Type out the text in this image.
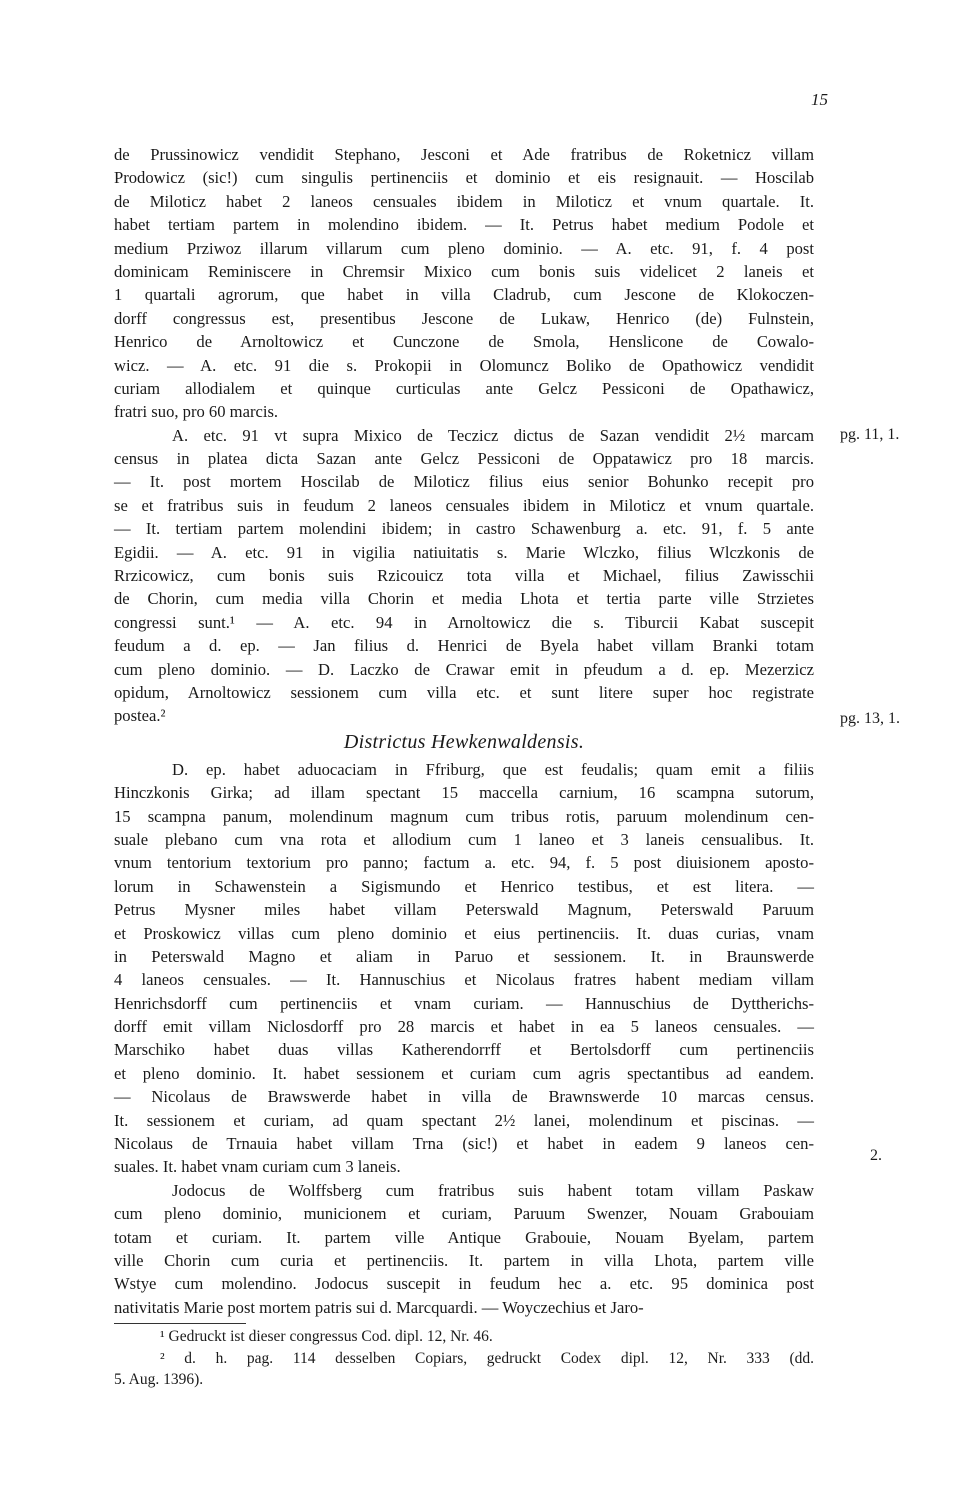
15
de Prussinowicz vendidit Stephano, Jesconi et Ade fratribus de Roketnicz villam
Prodowicz (sic!) cum singulis pertinenciis et dominio et eis resignauit. — Hoscilab
de Miloticz habet 2 laneos censuales ibidem in Miloticz et vnum quartale. It.
habet tertiam partem in molendino ibidem. — It. Petrus habet medium Podole et
medium Prziwoz illarum villarum cum pleno dominio. — A. etc. 91, f. 4 post
dominicam Reminiscere in Chremsir Mixico cum bonis suis videlicet 2 laneis et
1 quartali agrorum, que habet in villa Cladrub, cum Jescone de Klokoczen-
dorff congressus est, presentibus Jescone de Lukaw, Henrico (de) Fulnstein,
Henrico de Arnoltowicz et Cunczone de Smola, Henslicone de Cowalo-
wicz. — A. etc. 91 die s. Prokopii in Olomuncz Boliko de Opathowicz vendidit
curiam allodialem et quinque curticulas ante Gelcz Pessiconi de Opathawicz,
fratri suo, pro 60 marcis.
A. etc. 91 vt supra Mixico de Teczicz dictus de Sazan vendidit 2½ marcam
census in platea dicta Sazan ante Gelcz Pessiconi de Oppatawicz pro 18 marcis.
— It. post mortem Hoscilab de Miloticz filius eius senior Bohunko recepit pro
se et fratribus suis in feudum 2 laneos censuales ibidem in Miloticz et vnum quartale.
— It. tertiam partem molendini ibidem; in castro Schawenburg a. etc. 91, f. 5 ante
Egidii. — A. etc. 91 in vigilia natiuitatis s. Marie Wlczko, filius Wlczkonis de
Rrzicowicz, cum bonis suis Rzicouicz tota villa et Michael, filius Zawisschii
de Chorin, cum media villa Chorin et media Lhota et tertia parte ville Strzietes
congressi sunt.¹ — A. etc. 94 in Arnoltowicz die s. Tiburcii Kabat suscepit
feudum a d. ep. — Jan filius d. Henrici de Byela habet villam Branki totam
cum pleno dominio. — D. Laczko de Crawar emit in pfeudum a d. ep. Mezerzicz
opidum, Arnoltowicz sessionem cum villa etc. et sunt litere super hoc registrate
postea.²
Districtus Hewkenwaldensis.
D. ep. habet aduocaciam in Ffriburg, que est feudalis; quam emit a filiis
Hinczkonis Girka; ad illam spectant 15 maccella carnium, 16 scampna sutorum,
15 scampna panum, molendinum magnum cum tribus rotis, paruum molendinum cen-
suale plebano cum vna rota et allodium cum 1 laneo et 3 laneis censualibus. It.
vnum tentorium textorium pro panno; factum a. etc. 94, f. 5 post diuisionem aposto-
lorum in Schawenstein a Sigismundo et Henrico testibus, et est litera. —
Petrus Mysner miles habet villam Peterswald Magnum, Peterswald Paruum
et Proskowicz villas cum pleno dominio et eius pertinenciis. It. duas curias, vnam
in Peterswald Magno et aliam in Paruo et sessionem. It. in Braunswerde
4 laneos censuales. — It. Hannuschius et Nicolaus fratres habent mediam villam
Henrichsdorff cum pertinenciis et vnam curiam. — Hannuschius de Dyttherichs-
dorff emit villam Niclosdorff pro 28 marcis et habet in ea 5 laneos censuales. —
Marschiko habet duas villas Katherendorrff et Bertolsdorff cum pertinenciis
et pleno dominio. It. habet sessionem et curiam cum agris spectantibus ad eandem.
— Nicolaus de Brawswerde habet in villa de Brawnswerde 10 marcas census.
It. sessionem et curiam, ad quam spectant 2½ lanei, molendinum et piscinas. —
Nicolaus de Trnauia habet villam Trna (sic!) et habet in eadem 9 laneos cen-
suales. It. habet vnam curiam cum 3 laneis.
Jodocus de Wolffsberg cum fratribus suis habent totam villam Paskaw
cum pleno dominio, municionem et curiam, Paruum Swenzer, Nouam Grabouiam
totam et curiam. It. partem ville Antique Grabouie, Nouam Byelam, partem
ville Chorin cum curia et pertinenciis. It. partem in villa Lhota, partem ville
Wstye cum molendino. Jodocus suscepit in feudum hec a. etc. 95 dominica post
nativitatis Marie post mortem patris sui d. Marcquardi. — Woyczechius et Jaro-
pg. 11, 1.
pg. 13, 1.
2.
¹ Gedruckt ist dieser congressus Cod. dipl. 12, Nr. 46.
² d. h. pag. 114 desselben Copiars, gedruckt Codex dipl. 12, Nr. 333 (dd.
5. Aug. 1396).
